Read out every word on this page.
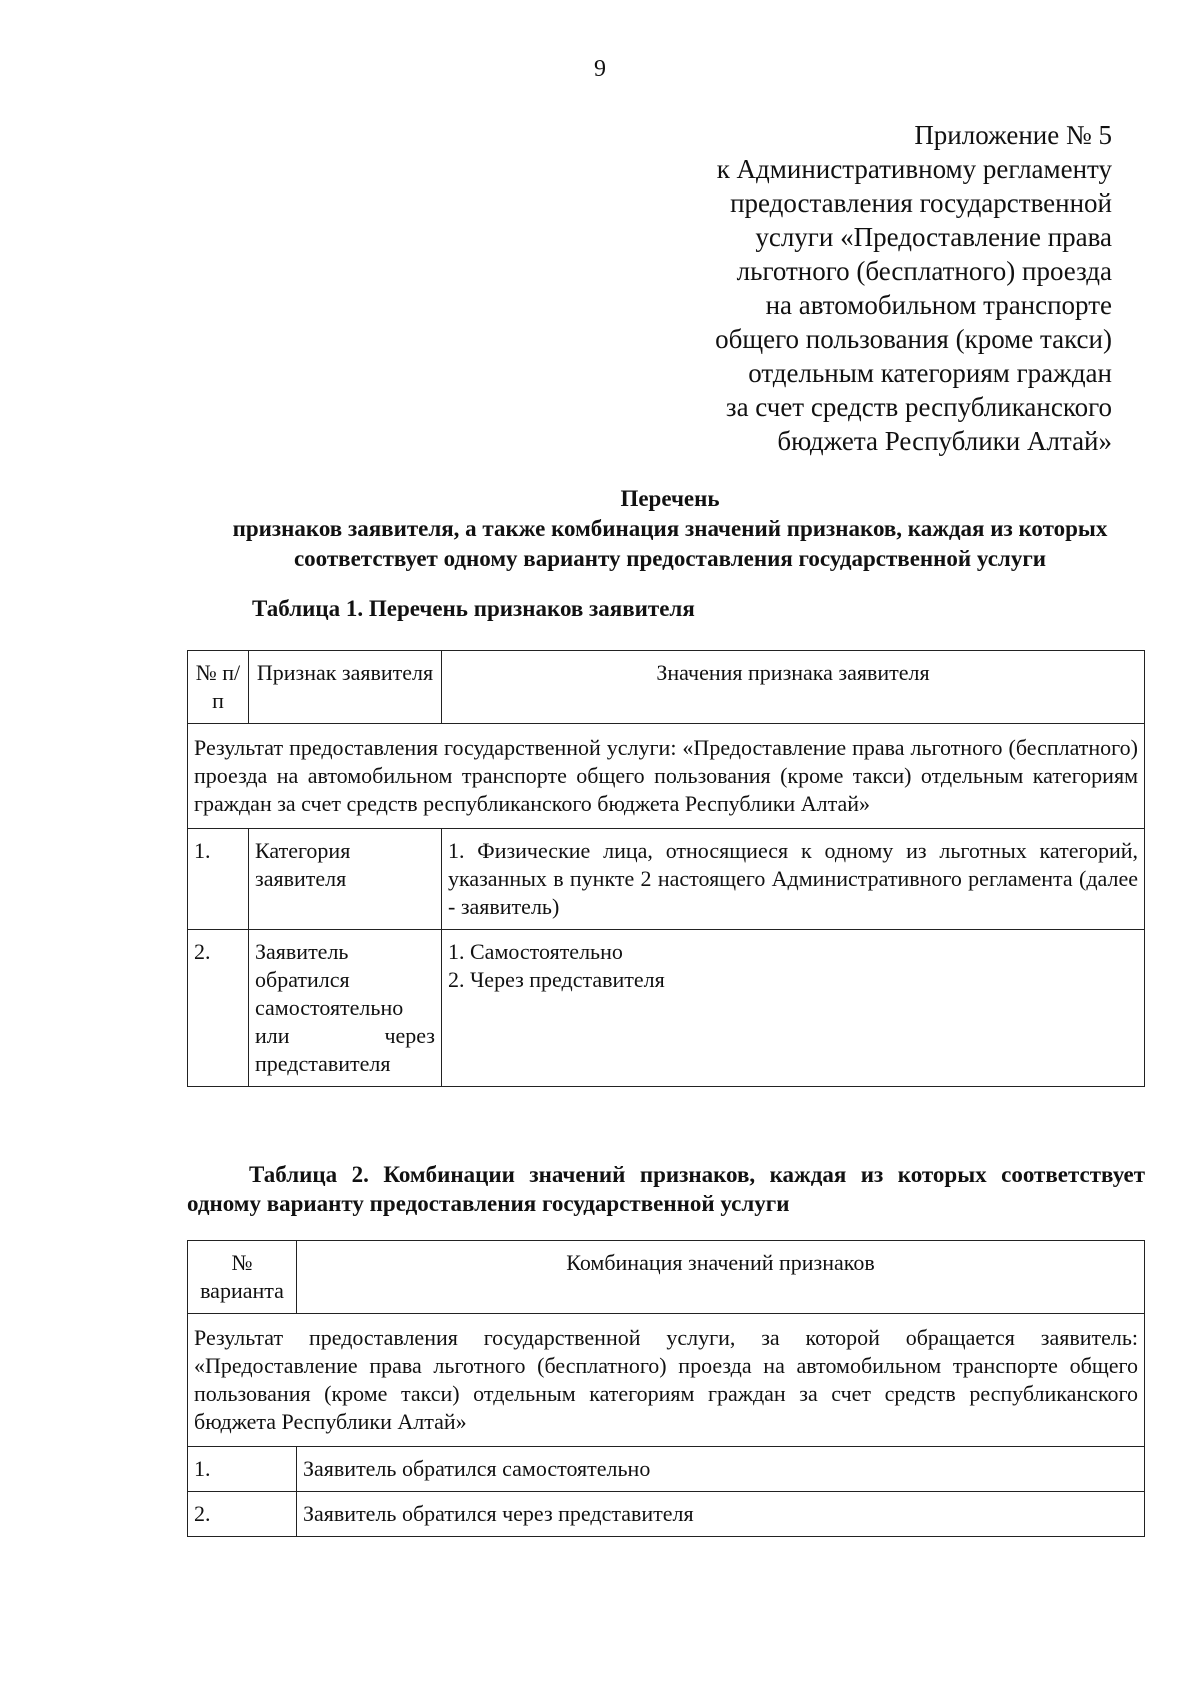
9
Приложение № 5
к Административному регламенту
предоставления государственной
услуги «Предоставление права
льготного (бесплатного) проезда
на автомобильном транспорте
общего пользования (кроме такси)
отдельным категориям граждан
за счет средств республиканского
бюджета Республики Алтай»
Перечень
признаков заявителя, а также комбинация значений признаков, каждая из которых
соответствует одному варианту предоставления государственной услуги
Таблица 1. Перечень признаков заявителя
№ п/п	Признак заявителя	Значения признака заявителя
Результат предоставления государственной услуги: «Предоставление права льготного (бесплатного) проезда на автомобильном транспорте общего пользования (кроме такси) отдельным категориям граждан за счет средств республиканского бюджета Республики Алтай»		
1.	Категория заявителя	1. Физические лица, относящиеся к одному из льготных категорий, указанных в пункте 2 настоящего Административного регламента (далее - заявитель)

2.	Заявитель обратился самостоятельно или через представителя	1. Самостоятельно
2. Через представителя
Таблица 2. Комбинации значений признаков, каждая из которых соответствует одному варианту предоставления государственной услуги
№ варианта	Комбинация значений признаков
Результат предоставления государственной услуги, за которой обращается заявитель: «Предоставление права льготного (бесплатного) проезда на автомобильном транспорте общего пользования (кроме такси) отдельным категориям граждан за счет средств республиканского бюджета Республики Алтай»	
1.	Заявитель обратился самостоятельно
2.	Заявитель обратился через представителя
